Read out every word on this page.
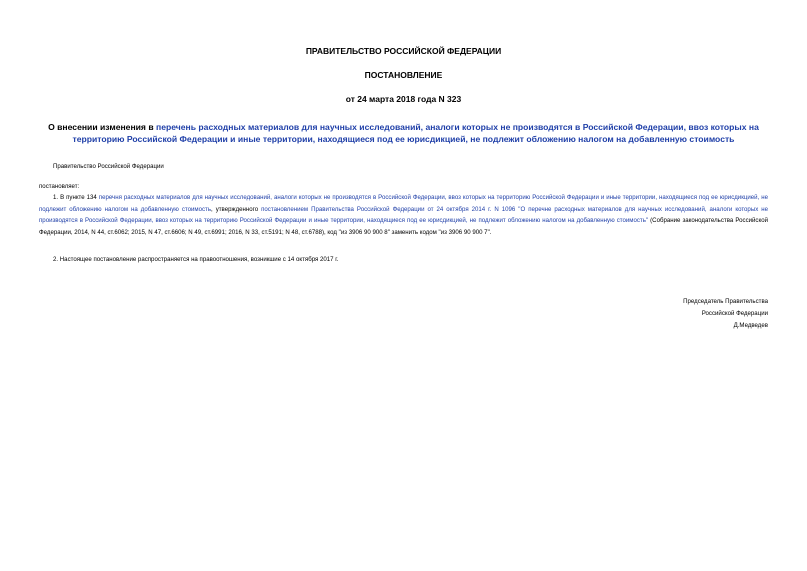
ПРАВИТЕЛЬСТВО РОССИЙСКОЙ ФЕДЕРАЦИИ
ПОСТАНОВЛЕНИЕ
от 24 марта 2018 года N 323
О внесении изменения в перечень расходных материалов для научных исследований, аналоги которых не производятся в Российской Федерации, ввоз которых на территорию Российской Федерации и иные территории, находящиеся под ее юрисдикцией, не подлежит обложению налогом на добавленную стоимость
Правительство Российской Федерации
постановляет:
1. В пункте 134 перечня расходных материалов для научных исследований, аналоги которых не производятся в Российской Федерации, ввоз которых на территорию Российской Федерации и иные территории, находящиеся под ее юрисдикцией, не подлежит обложению налогом на добавленную стоимость, утвержденного постановлением Правительства Российской Федерации от 24 октября 2014 г. N 1096 "О перечне расходных материалов для научных исследований, аналоги которых не производятся в Российской Федерации, ввоз которых на территорию Российской Федерации и иные территории, находящиеся под ее юрисдикцией, не подлежит обложению налогом на добавленную стоимость" (Собрание законодательства Российской Федерации, 2014, N 44, ст.6062; 2015, N 47, ст.6606; N 49, ст.6991; 2016, N 33, ст.5191; N 48, ст.6788), код "из 3906 90 900 8" заменить кодом "из 3906 90 900 7".
2. Настоящее постановление распространяется на правоотношения, возникшие с 14 октября 2017 г.
Председатель Правительства
Российской Федерации
Д.Медведев
